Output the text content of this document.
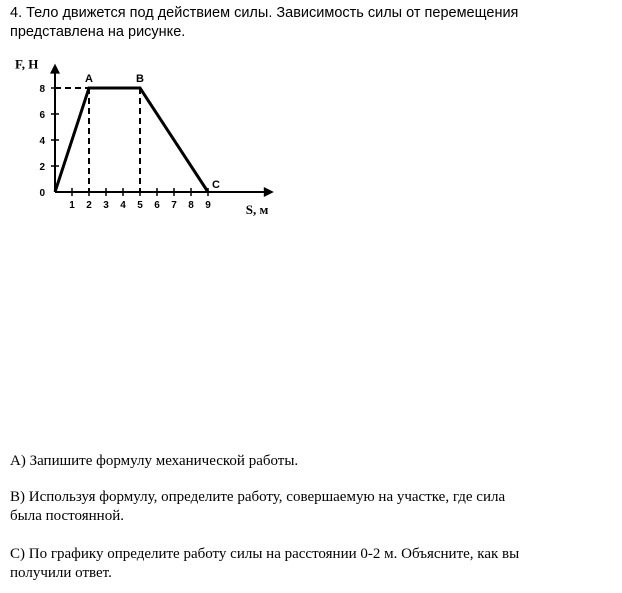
4. Тело движется под действием силы. Зависимость силы от перемещения
представлена на рисунке.
S, м
F, Н
1 2 3 4 5 6 7 8 9
0
2
4
6
8
A	B
C
А) Запишите формулу механической работы.
В) Используя формулу, определите работу, совершаемую на участке, где сила
была постоянной.
С) По графику определите работу силы на расстоянии 0-2 м. Объясните, как вы
получили ответ.
